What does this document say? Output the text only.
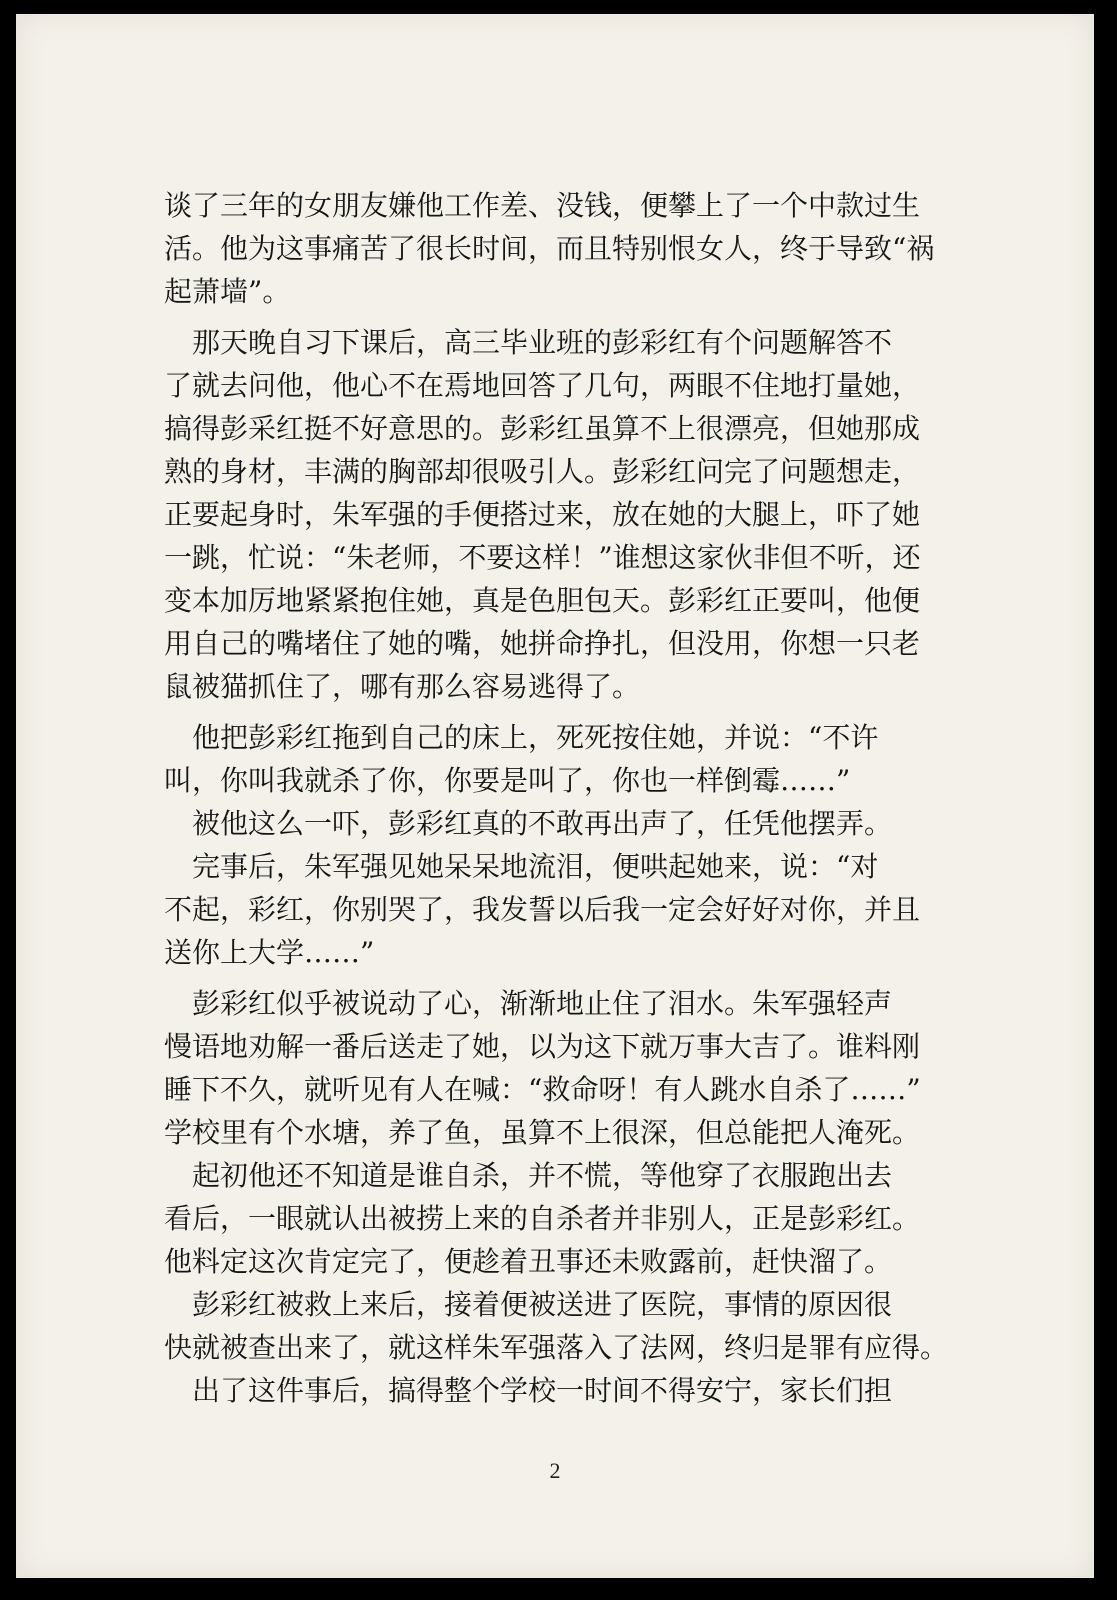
谈了三年的女朋友嫌他工作差、没钱，便攀上了一个中款过生
活。他为这事痛苦了很长时间，而且特别恨女人，终于导致“祸
起萧墙”。
　那天晚自习下课后，高三毕业班的彭彩红有个问题解答不
了就去问他，他心不在焉地回答了几句，两眼不住地打量她，
搞得彭采红挺不好意思的。彭彩红虽算不上很漂亮，但她那成
熟的身材，丰满的胸部却很吸引人。彭彩红问完了问题想走，
正要起身时，朱军强的手便搭过来，放在她的大腿上，吓了她
一跳，忙说：“朱老师，不要这样！”谁想这家伙非但不听，还
变本加厉地紧紧抱住她，真是色胆包天。彭彩红正要叫，他便
用自己的嘴堵住了她的嘴，她拼命挣扎，但没用，你想一只老
鼠被猫抓住了，哪有那么容易逃得了。
　他把彭彩红拖到自己的床上，死死按住她，并说：“不许
叫，你叫我就杀了你，你要是叫了，你也一样倒霉……”
　被他这么一吓，彭彩红真的不敢再出声了，任凭他摆弄。
　完事后，朱军强见她呆呆地流泪，便哄起她来，说：“对
不起，彩红，你别哭了，我发誓以后我一定会好好对你，并且
送你上大学……”
　彭彩红似乎被说动了心，渐渐地止住了泪水。朱军强轻声
慢语地劝解一番后送走了她，以为这下就万事大吉了。谁料刚
睡下不久，就听见有人在喊：“救命呀！有人跳水自杀了……”
学校里有个水塘，养了鱼，虽算不上很深，但总能把人淹死。
　起初他还不知道是谁自杀，并不慌，等他穿了衣服跑出去
看后，一眼就认出被捞上来的自杀者并非别人，正是彭彩红。
他料定这次肯定完了，便趁着丑事还未败露前，赶快溜了。
　彭彩红被救上来后，接着便被送进了医院，事情的原因很
快就被查出来了，就这样朱军强落入了法网，终归是罪有应得。
　出了这件事后，搞得整个学校一时间不得安宁，家长们担
2
